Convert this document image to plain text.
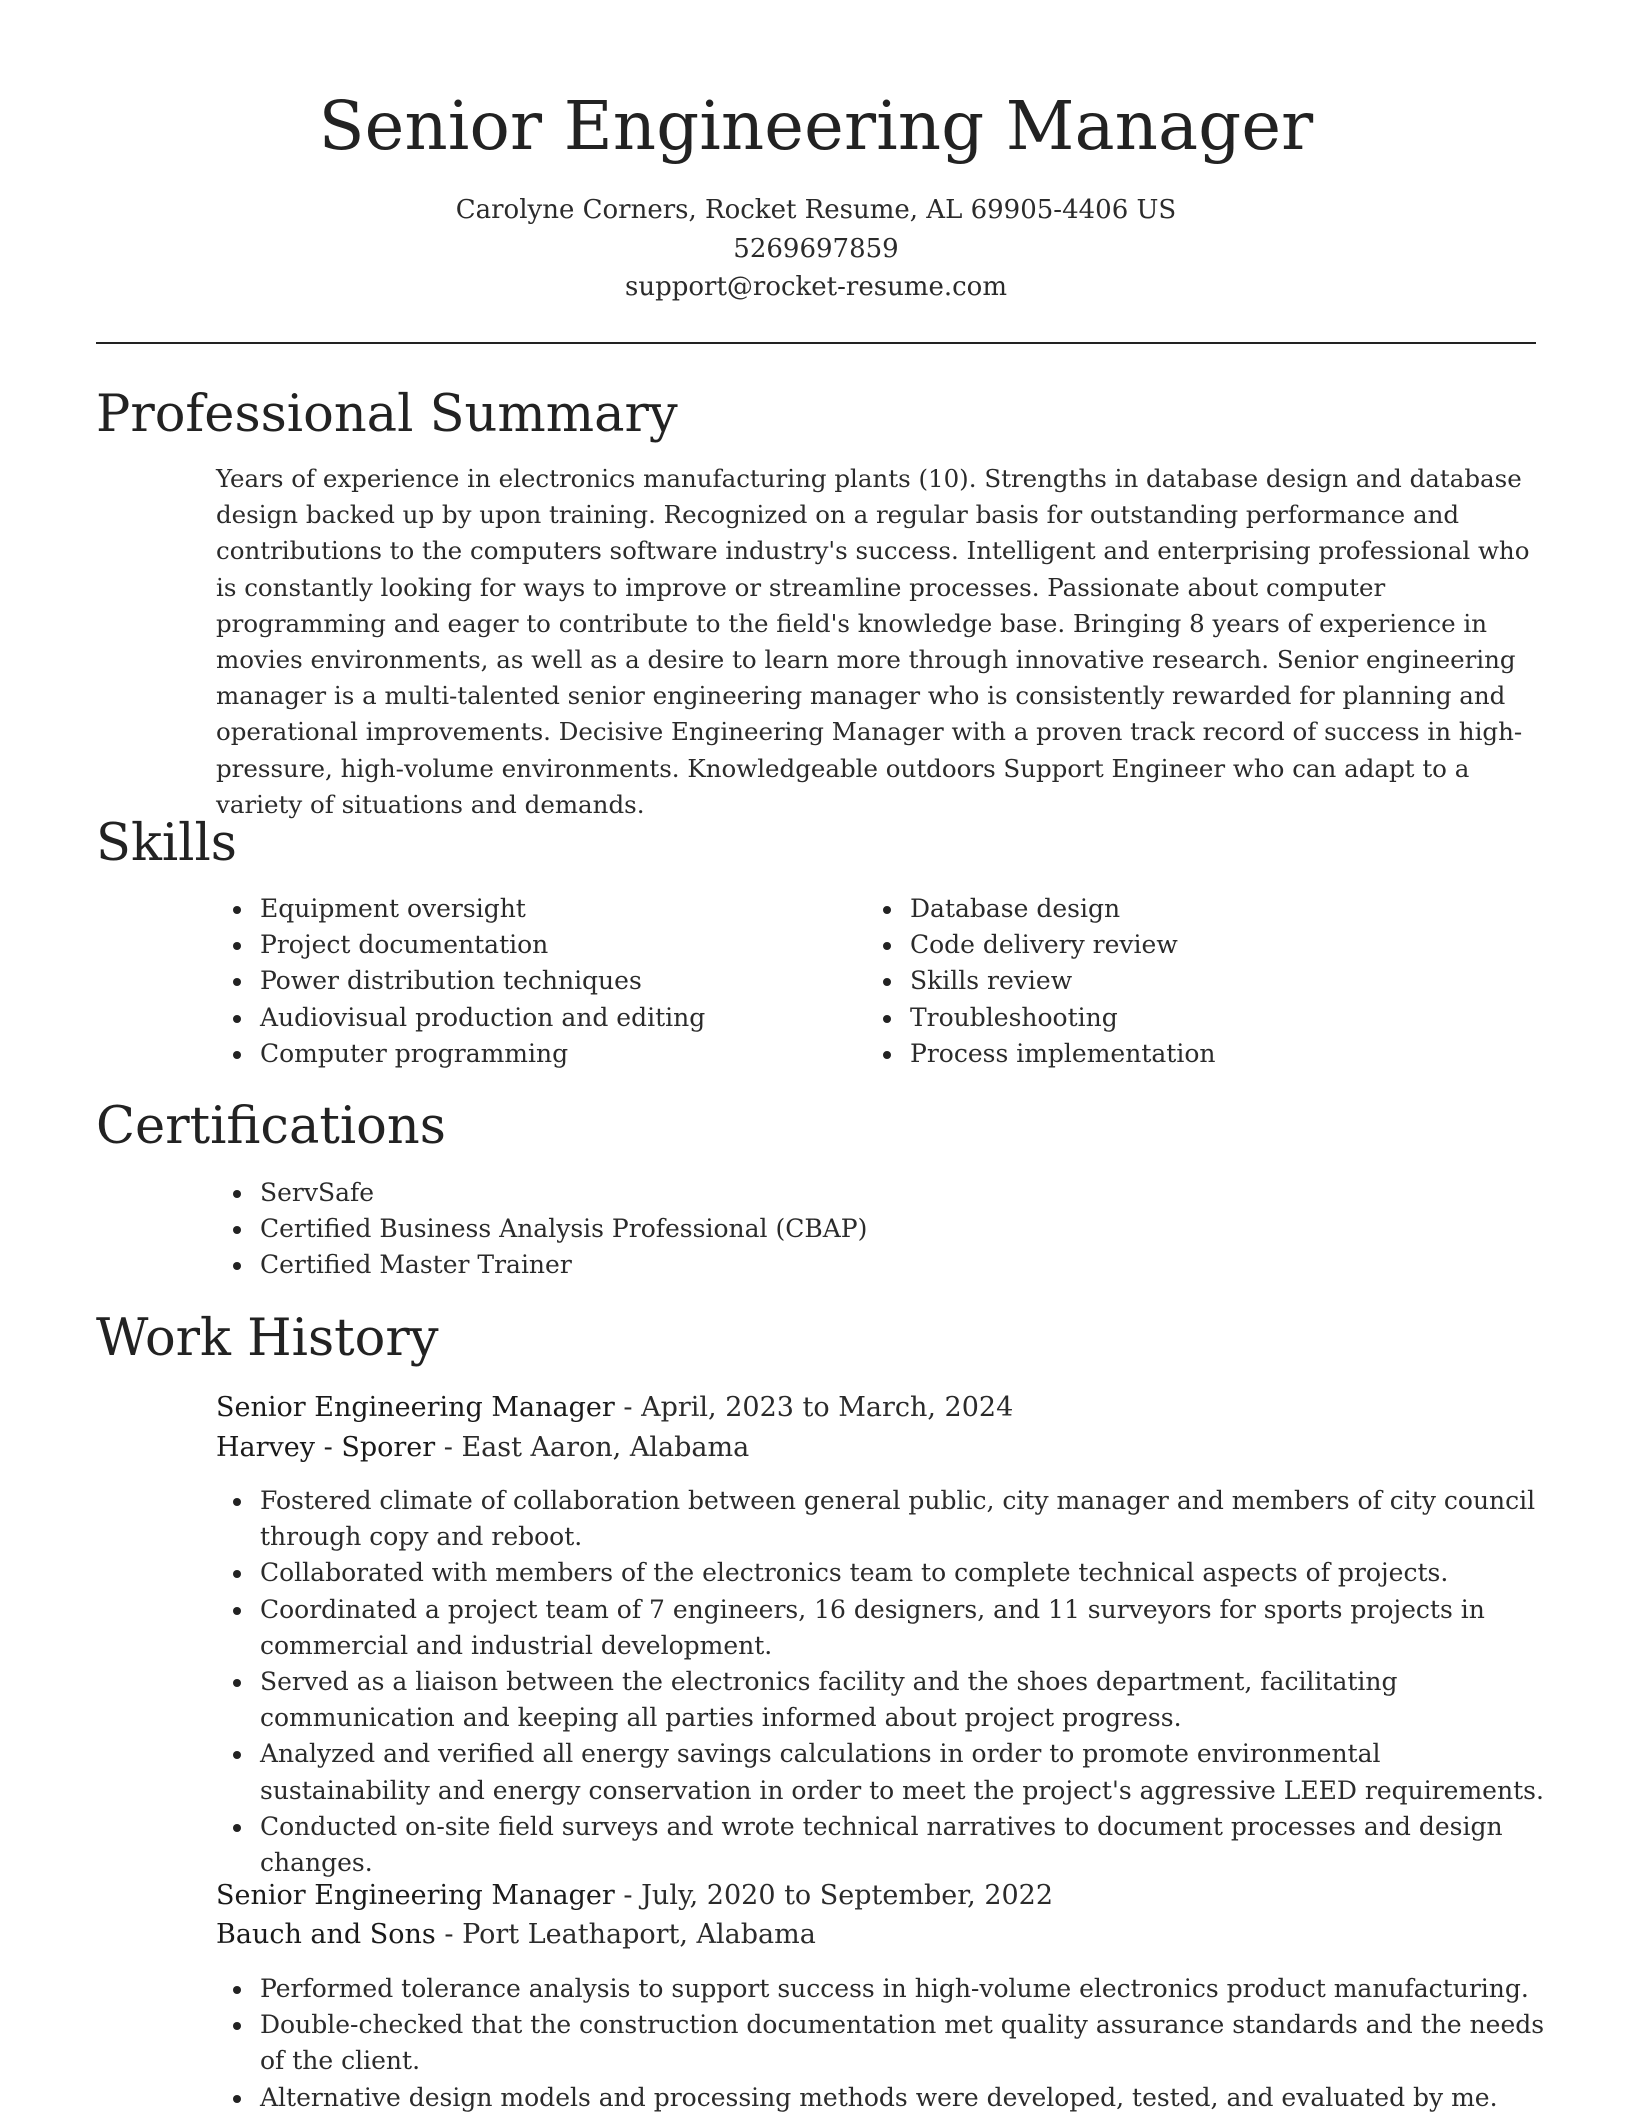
Senior Engineering Manager
Carolyne Corners, Rocket Resume, AL 69905-4406 US
5269697859
support@rocket-resume.com
Professional Summary

Years of experience in electronics manufacturing plants (10). Strengths in database design and database design backed up by upon training. Recognized on a regular basis for outstanding performance and contributions to the computers software industry's success. Intelligent and enterprising professional who is constantly looking for ways to improve or streamline processes. Passionate about computer programming and eager to contribute to the field's knowledge base. Bringing 8 years of experience in movies environments, as well as a desire to learn more through innovative research. Senior engineering manager is a multi-talented senior engineering manager who is consistently rewarded for planning and operational improvements. Decisive Engineering Manager with a proven track record of success in high-pressure, high-volume environments. Knowledgeable outdoors Support Engineer who can adapt to a variety of situations and demands.

Skills
Equipment oversight
Project documentation
Power distribution techniques
Audiovisual production and editing
Computer programming
Database design
Code delivery review
Skills review
Troubleshooting
Process implementation
Certifications
ServSafe
Certified Business Analysis Professional (CBAP)
Certified Master Trainer
Work History
Senior Engineering Manager - April, 2023 to March, 2024
Harvey - Sporer - East Aaron, Alabama
Fostered climate of collaboration between general public, city manager and members of city council through copy and reboot.
Collaborated with members of the electronics team to complete technical aspects of projects.
Coordinated a project team of 7 engineers, 16 designers, and 11 surveyors for sports projects in commercial and industrial development.
Served as a liaison between the electronics facility and the shoes department, facilitating communication and keeping all parties informed about project progress.
Analyzed and verified all energy savings calculations in order to promote environmental sustainability and energy conservation in order to meet the project's aggressive LEED requirements.
Conducted on-site field surveys and wrote technical narratives to document processes and design changes.
Senior Engineering Manager - July, 2020 to September, 2022
Bauch and Sons - Port Leathaport, Alabama
Performed tolerance analysis to support success in high-volume electronics product manufacturing.
Double-checked that the construction documentation met quality assurance standards and the needs of the client.
Alternative design models and processing methods were developed, tested, and evaluated by me.
